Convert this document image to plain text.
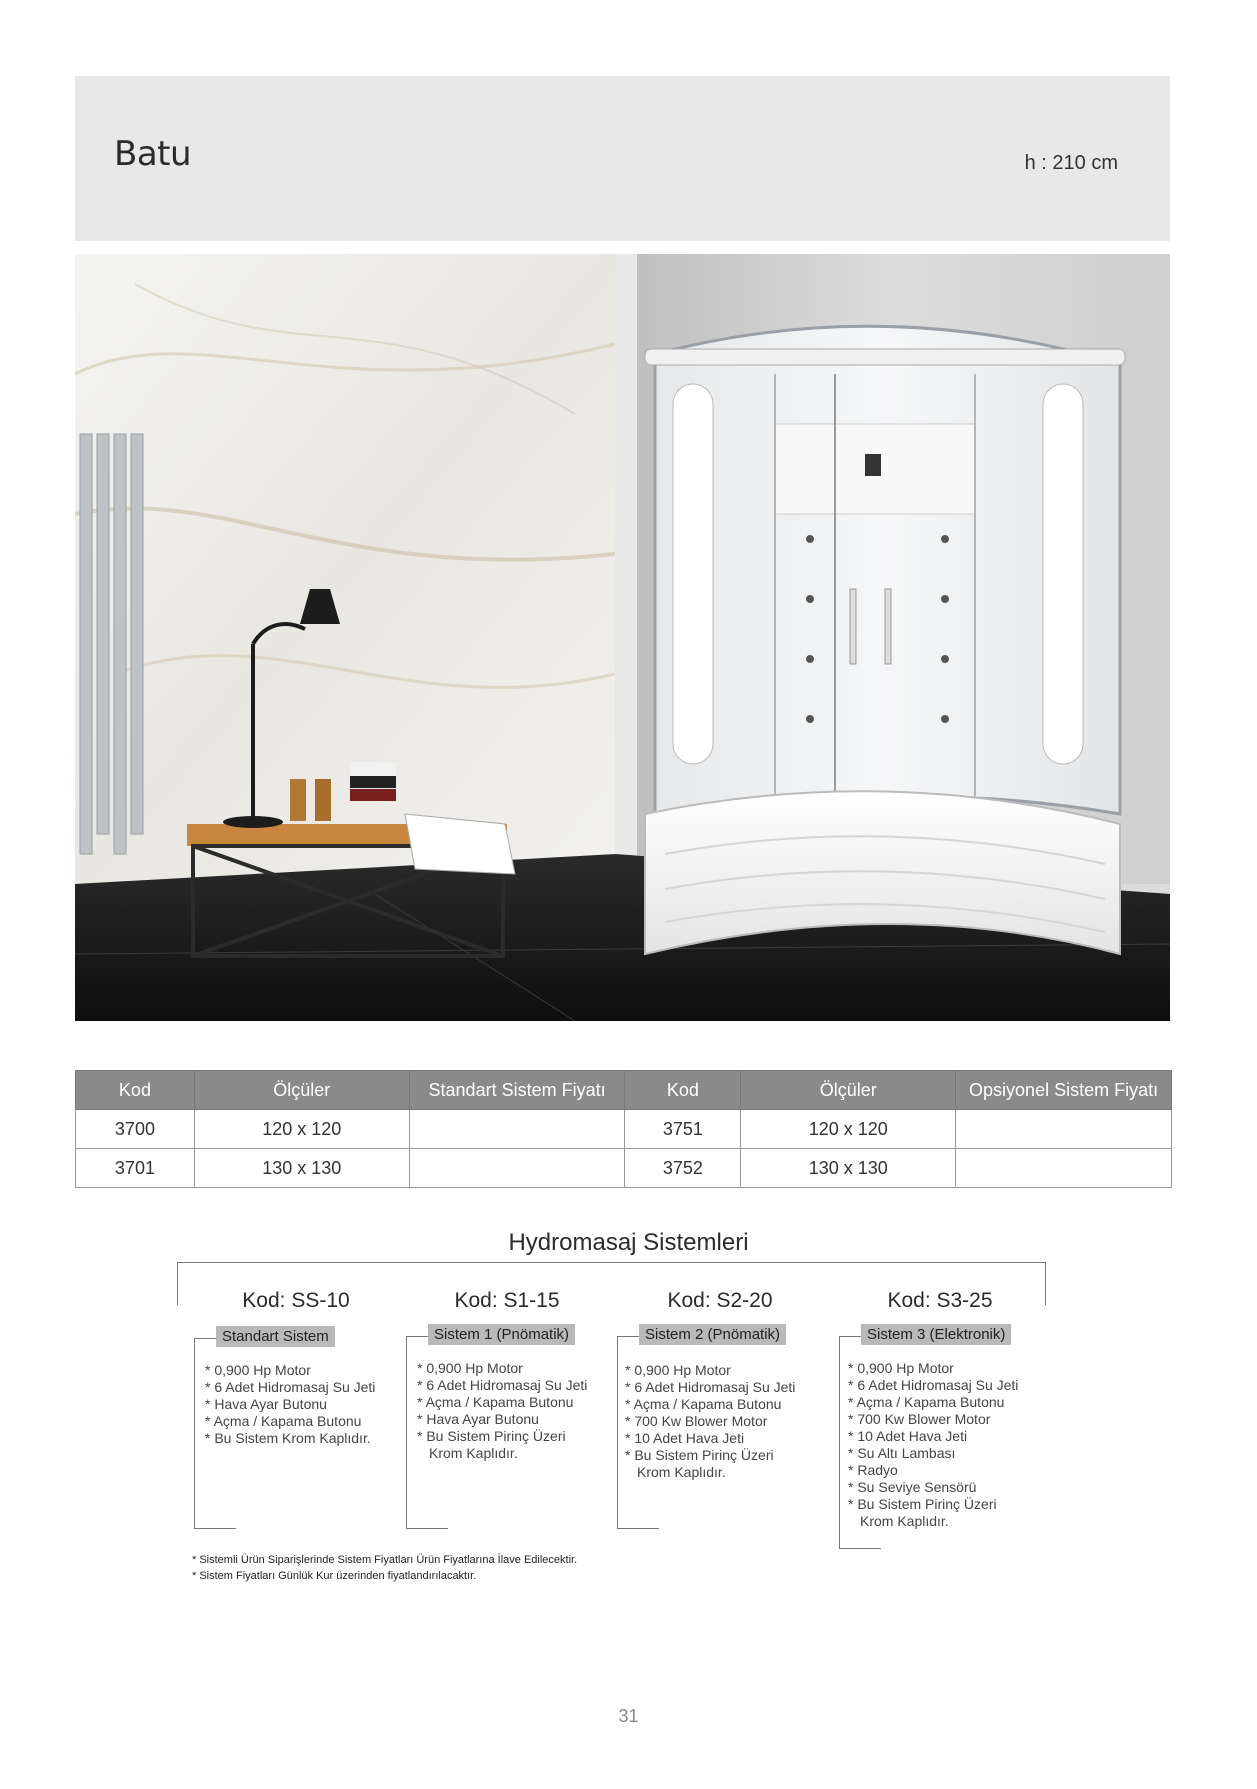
Batu	h : 210 cm
Kod	Ölçüler	Standart Sistem Fiyatı	Kod	Ölçüler	Opsiyonel Sistem Fiyatı
3700	120 x 120		3751	120 x 120	
3701	130 x 130		3752	130 x 130	
Hydromasaj Sistemleri
Kod: SS-10	Kod: S1-15	Kod: S2-20	Kod: S3-25
Standart Sistem
* 0,900 Hp Motor
* 6 Adet Hidromasaj Su Jeti
* Hava Ayar Butonu
* Açma / Kapama Butonu
* Bu Sistem Krom Kaplıdır.
Sistem 1 (Pnömatik)
* 0,900 Hp Motor
* 6 Adet Hidromasaj Su Jeti
* Açma / Kapama Butonu
* Hava Ayar Butonu
* Bu Sistem Pirinç Üzeri
Krom Kaplıdır.
Sistem 2 (Pnömatik)
* 0,900 Hp Motor
* 6 Adet Hidromasaj Su Jeti
* Açma / Kapama Butonu
* 700 Kw Blower Motor
* 10 Adet Hava Jeti
* Bu Sistem Pirinç Üzeri
Krom Kaplıdır.
Sistem 3 (Elektronik)
* 0,900 Hp Motor
* 6 Adet Hidromasaj Su Jeti
* Açma / Kapama Butonu
* 700 Kw Blower Motor
* 10 Adet Hava Jeti
* Su Altı Lambası
* Radyo
* Su Seviye Sensörü
* Bu Sistem Pirinç Üzeri
Krom Kaplıdır.
* Sistemli Ürün Siparişlerinde Sistem Fiyatları Ürün Fiyatlarına İlave Edilecektir.
* Sistem Fiyatları Günlük Kur üzerinden fiyatlandırılacaktır.
31
